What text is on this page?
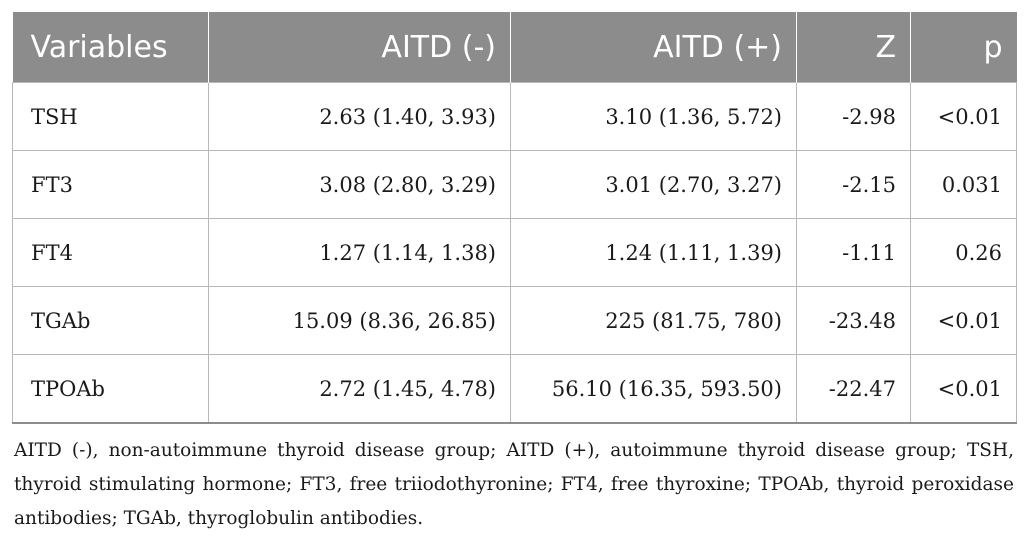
Variables	AITD (-)	AITD (+)	Z	p
TSH	2.63 (1.40, 3.93)	3.10 (1.36, 5.72)	-2.98	<0.01
FT3	3.08 (2.80, 3.29)	3.01 (2.70, 3.27)	-2.15	0.031
FT4	1.27 (1.14, 1.38)	1.24 (1.11, 1.39)	-1.11	0.26
TGAb	15.09 (8.36, 26.85)	225 (81.75, 780)	-23.48	<0.01
TPOAb	2.72 (1.45, 4.78)	56.10 (16.35, 593.50)	-22.47	<0.01
AITD (-), non-autoimmune thyroid disease group; AITD (+), autoimmune thyroid disease group; TSH, thyroid stimulating hormone; FT3, free triiodothyronine; FT4, free thyroxine; TPOAb, thyroid peroxidase antibodies; TGAb, thyroglobulin antibodies.
